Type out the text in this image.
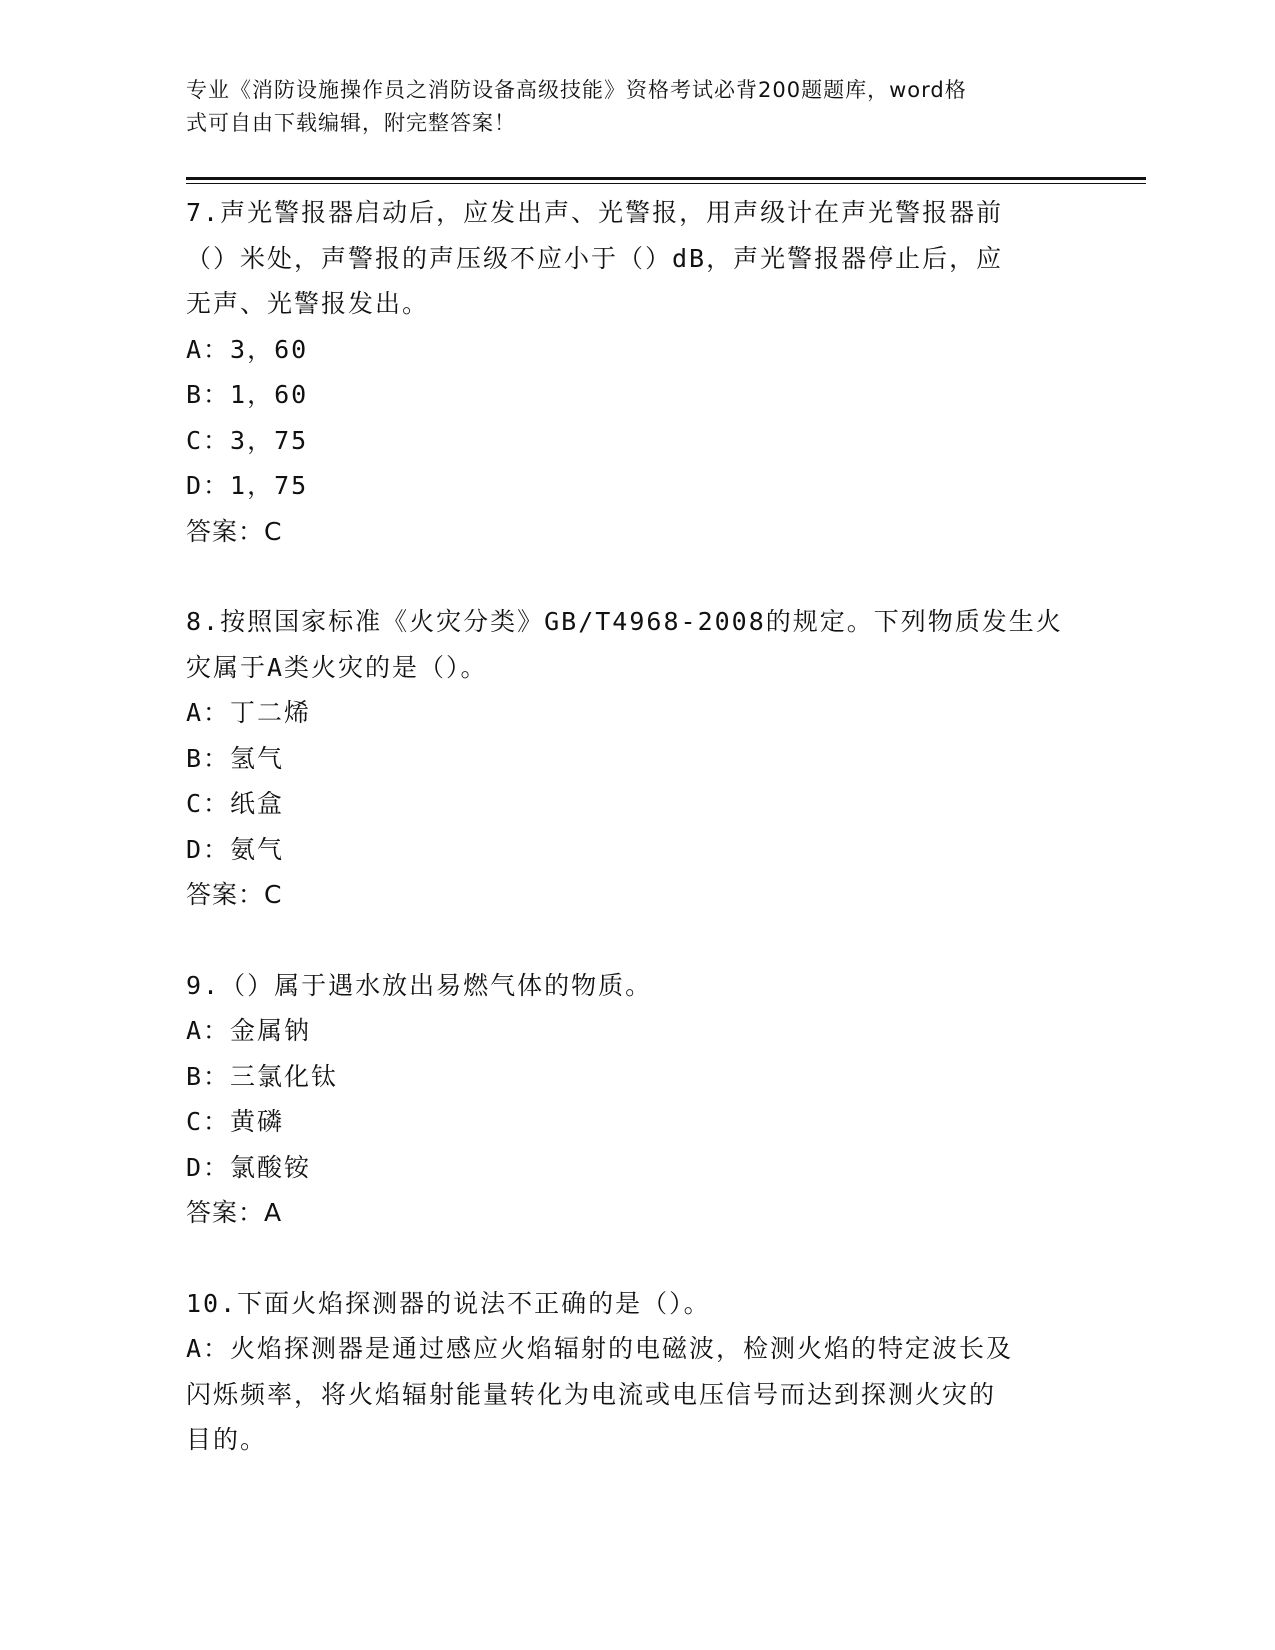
专业《消防设施操作员之消防设备高级技能》资格考试必背200题题库，word格
式可自由下载编辑，附完整答案！
7.声光警报器启动后，应发出声、光警报，用声级计在声光警报器前
（）米处，声警报的声压级不应小于（）dB，声光警报器停止后，应
无声、光警报发出。
A：3，60
B：1，60
C：3，75
D：1，75
答案：C
8.按照国家标准《火灾分类》GB/T4968-2008的规定。下列物质发生火
灾属于A类火灾的是（）。
A：丁二烯
B：氢气
C：纸盒
D：氨气
答案：C
9.（）属于遇水放出易燃气体的物质。
A：金属钠
B：三氯化钛
C：黄磷
D：氯酸铵
答案：A
10.下面火焰探测器的说法不正确的是（）。
A：火焰探测器是通过感应火焰辐射的电磁波，检测火焰的特定波长及
闪烁频率，将火焰辐射能量转化为电流或电压信号而达到探测火灾的
目的。
